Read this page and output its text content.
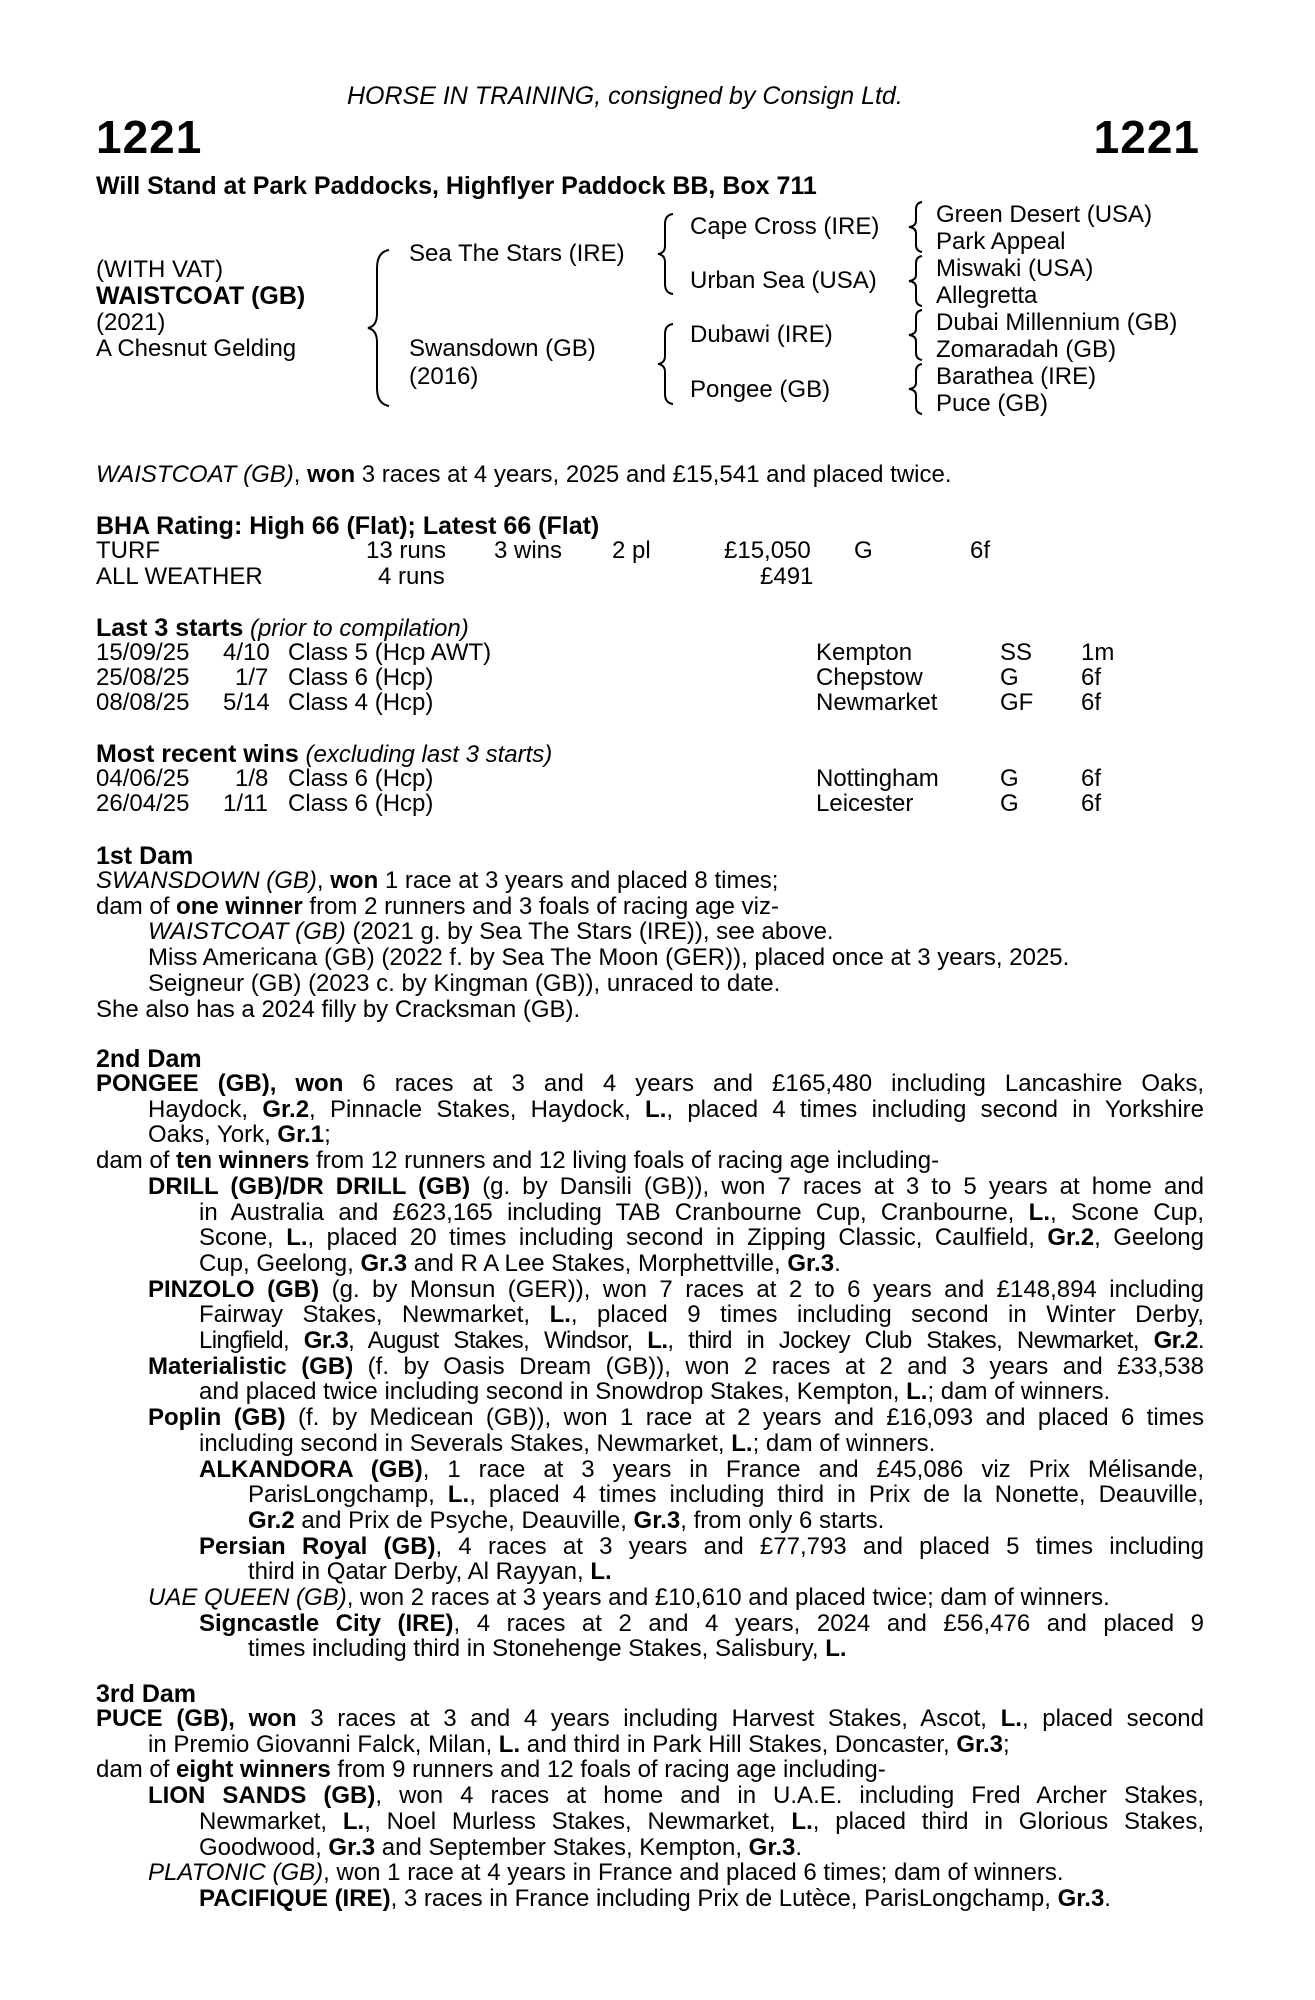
HORSE IN TRAINING, consigned by Consign Ltd.
1221	1221
Will Stand at Park Paddocks, Highflyer Paddock BB, Box 711
(WITH VAT)
WAISTCOAT (GB)
(2021)
A Chesnut Gelding
Sea The Stars (IRE)
Swansdown (GB)
(2016)
Cape Cross (IRE)
Urban Sea (USA)
Dubawi (IRE)
Pongee (GB)
Green Desert (USA)
Park Appeal
Miswaki (USA)
Allegretta
Dubai Millennium (GB)
Zomaradah (GB)
Barathea (IRE)
Puce (GB)
WAISTCOAT (GB), won 3 races at 4 years, 2025 and £15,541 and placed twice.
BHA Rating: High 66 (Flat); Latest 66 (Flat)
TURF	13 runs 3 wins 2 pl	£15,050 G	6f
ALL WEATHER	4 runs	£491
Last 3 starts (prior to compilation)
15/09/25 4/10 Class 5 (Hcp AWT)	Kempton	SS 1m
25/08/25 1/7 Class 6 (Hcp)	Chepstow	G	6f
08/08/25 5/14 Class 4 (Hcp)	Newmarket	GF 6f
Most recent wins (excluding last 3 starts)
04/06/25 1/8 Class 6 (Hcp)	Nottingham	G	6f
26/04/25 1/11 Class 6 (Hcp)	Leicester	G	6f
1st Dam
SWANSDOWN (GB), won 1 race at 3 years and placed 8 times;
dam of one winner from 2 runners and 3 foals of racing age viz-
WAISTCOAT (GB) (2021 g. by Sea The Stars (IRE)), see above.
Miss Americana (GB) (2022 f. by Sea The Moon (GER)), placed once at 3 years, 2025.
Seigneur (GB) (2023 c. by Kingman (GB)), unraced to date.
She also has a 2024 filly by Cracksman (GB).
2nd Dam
PONGEE (GB), won 6 races at 3 and 4 years and £165,480 including Lancashire Oaks,
Haydock, Gr.2, Pinnacle Stakes, Haydock, L., placed 4 times including second in Yorkshire
Oaks, York, Gr.1;
dam of ten winners from 12 runners and 12 living foals of racing age including-
DRILL (GB)/DR DRILL (GB) (g. by Dansili (GB)), won 7 races at 3 to 5 years at home and
in Australia and £623,165 including TAB Cranbourne Cup, Cranbourne, L., Scone Cup,
Scone, L., placed 20 times including second in Zipping Classic, Caulfield, Gr.2, Geelong
Cup, Geelong, Gr.3 and R A Lee Stakes, Morphettville, Gr.3.
PINZOLO (GB) (g. by Monsun (GER)), won 7 races at 2 to 6 years and £148,894 including
Fairway Stakes, Newmarket, L., placed 9 times including second in Winter Derby,
Lingfield, Gr.3, August Stakes, Windsor, L., third in Jockey Club Stakes, Newmarket, Gr.2.
Materialistic (GB) (f. by Oasis Dream (GB)), won 2 races at 2 and 3 years and £33,538
and placed twice including second in Snowdrop Stakes, Kempton, L.; dam of winners.
Poplin (GB) (f. by Medicean (GB)), won 1 race at 2 years and £16,093 and placed 6 times
including second in Severals Stakes, Newmarket, L.; dam of winners.
ALKANDORA (GB), 1 race at 3 years in France and £45,086 viz Prix Mélisande,
ParisLongchamp, L., placed 4 times including third in Prix de la Nonette, Deauville,
Gr.2 and Prix de Psyche, Deauville, Gr.3, from only 6 starts.
Persian Royal (GB), 4 races at 3 years and £77,793 and placed 5 times including
third in Qatar Derby, Al Rayyan, L.
UAE QUEEN (GB), won 2 races at 3 years and £10,610 and placed twice; dam of winners.
Signcastle City (IRE), 4 races at 2 and 4 years, 2024 and £56,476 and placed 9
times including third in Stonehenge Stakes, Salisbury, L.
3rd Dam
PUCE (GB), won 3 races at 3 and 4 years including Harvest Stakes, Ascot, L., placed second
in Premio Giovanni Falck, Milan, L. and third in Park Hill Stakes, Doncaster, Gr.3;
dam of eight winners from 9 runners and 12 foals of racing age including-
LION SANDS (GB), won 4 races at home and in U.A.E. including Fred Archer Stakes,
Newmarket, L., Noel Murless Stakes, Newmarket, L., placed third in Glorious Stakes,
Goodwood, Gr.3 and September Stakes, Kempton, Gr.3.
PLATONIC (GB), won 1 race at 4 years in France and placed 6 times; dam of winners.
PACIFIQUE (IRE), 3 races in France including Prix de Lutèce, ParisLongchamp, Gr.3.
